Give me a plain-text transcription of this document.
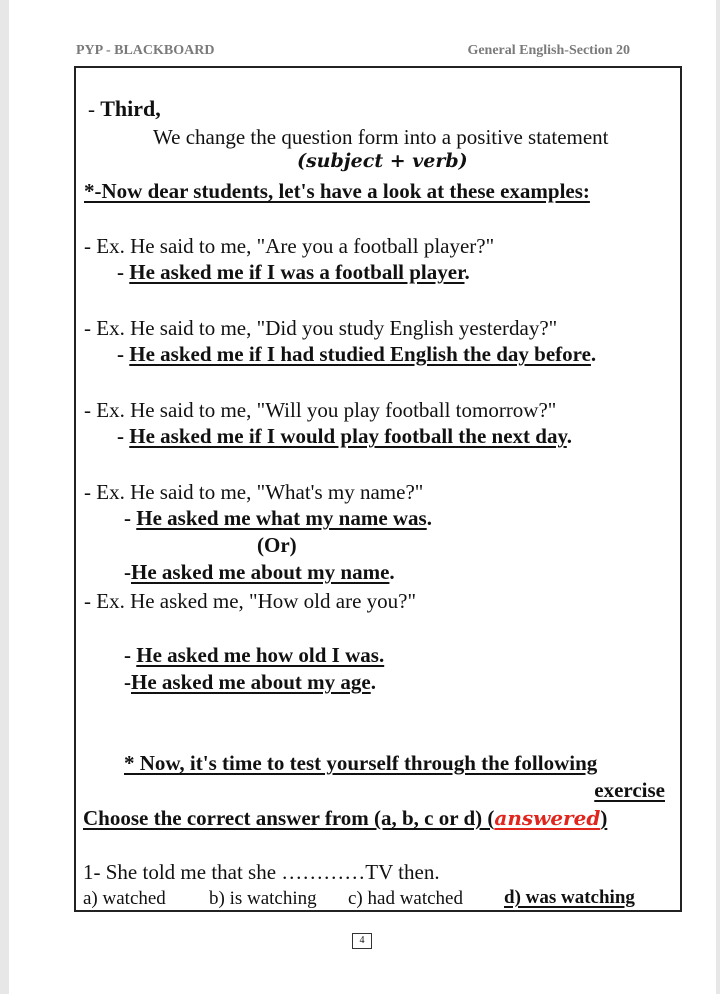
PYP - BLACKBOARD	General English-Section 20
- Third,
We change the question form into a positive statement
(subject + verb)
*-Now dear students, let's have a look at these examples:
- Ex. He said to me, "Are you a football player?"
- He asked me if I was a football player.
- Ex. He said to me, "Did you study English yesterday?"
- He asked me if I had studied English the day before.
- Ex. He said to me, "Will you play football tomorrow?"
- He asked me if I would play football the next day.
- Ex. He said to me, "What's my name?"
- He asked me what my name was.
(Or)
-He asked me about my name.
- Ex. He asked me, "How old are you?"
- He asked me how old I was.
-He asked me about my age.
* Now, it's time to test yourself through the following
exercise
Choose the correct answer from (a, b, c or d) (answered)
1- She told me that she …………TV then.
a) watched b) is watching c) had watched d) was watching
4
